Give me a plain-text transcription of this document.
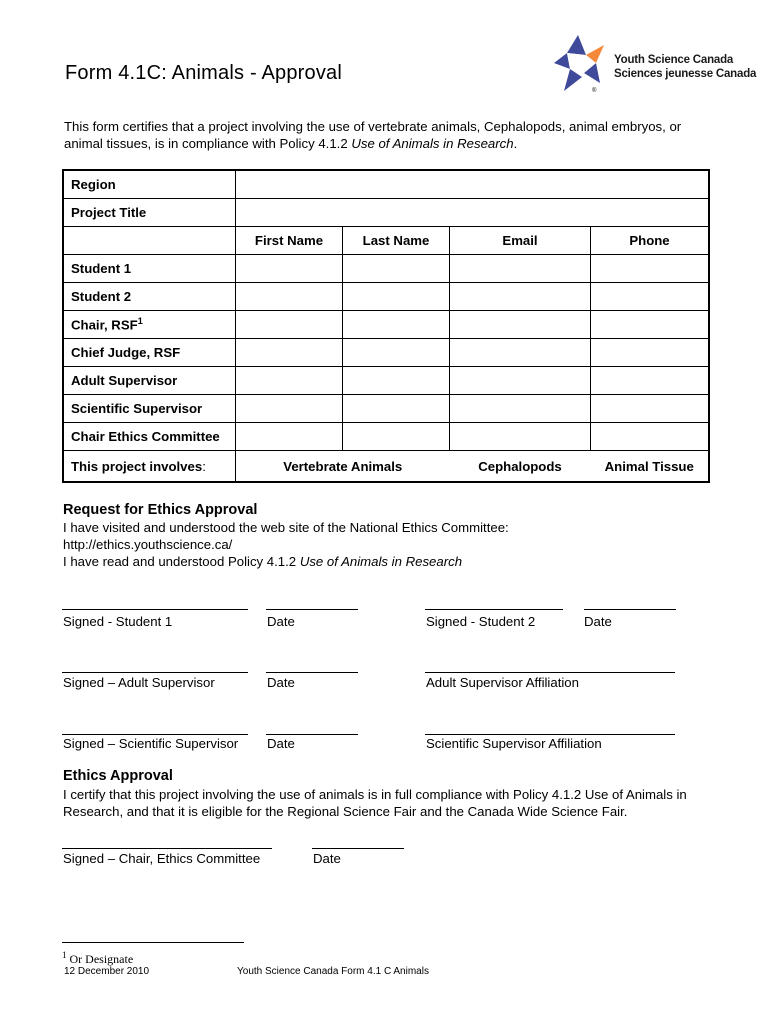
Form 4.1C: Animals - Approval
Youth Science Canada
Sciences jeunesse Canada
®
This form certifies that a project involving the use of vertebrate animals, Cephalopods, animal embryos, or animal tissues, is in compliance with Policy 4.1.2 Use of Animals in Research.
Region				
Project Title				
	First Name	Last Name	Email	Phone
Student 1				
Student 2				
Chair, RSF$^1$				
Chief Judge, RSF				
Adult Supervisor				
Scientific Supervisor				
Chair Ethics Committee				
This project involves:	Vertebrate Animals		Cephalopods	Animal Tissue
Request for Ethics Approval
I have visited and understood the web site of the National Ethics Committee:
http://ethics.youthscience.ca/
I have read and understood Policy 4.1.2 Use of Animals in Research
Signed - Student 1	Date	Signed - Student 2	Date
Signed – Adult Supervisor	Date	Adult Supervisor Affiliation
Signed – Scientific Supervisor Date	Scientific Supervisor Affiliation
Ethics Approval
I certify that this project involving the use of animals is in full compliance with Policy 4.1.2 Use of Animals in Research, and that it is eligible for the Regional Science Fair and the Canada Wide Science Fair.
Signed – Chair, Ethics Committee	Date
$^1$ Or Designate
12 December 2010	Youth Science Canada Form 4.1 C Animals
